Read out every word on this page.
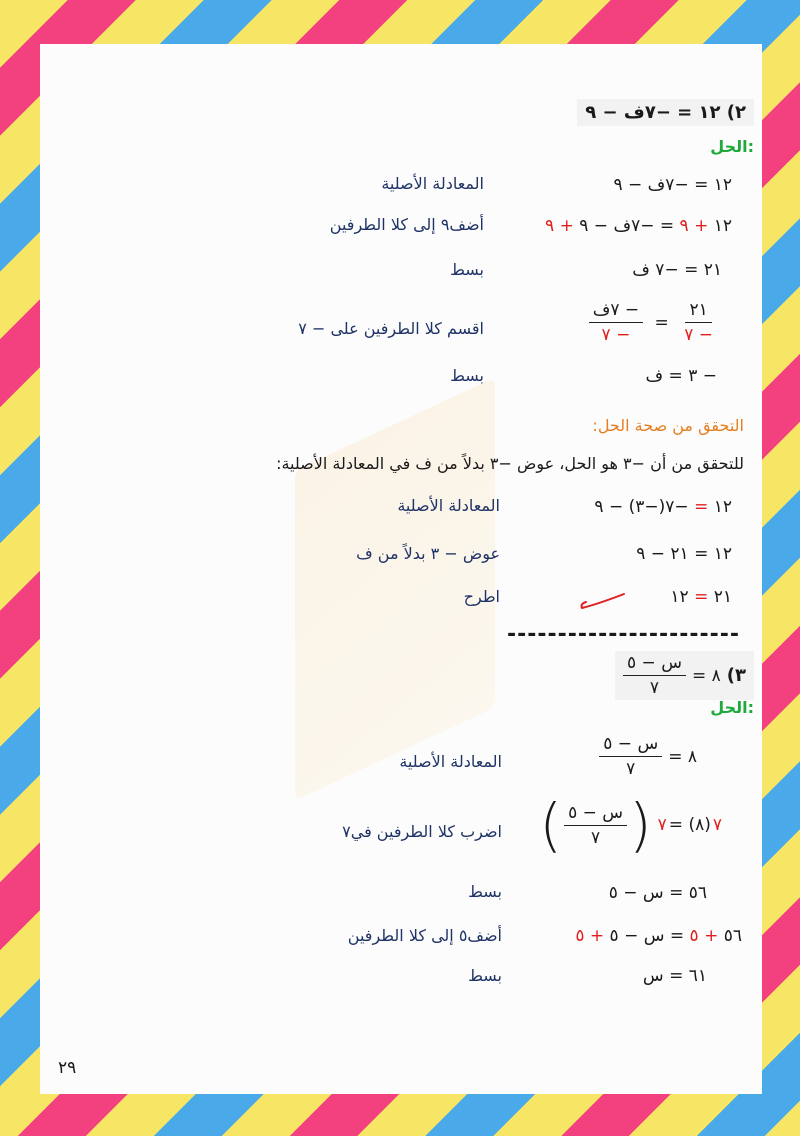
٢) ١٢ = −٧ف − ٩
الحل:
١٢ = −٧ف − ٩
المعادلة الأصلية
١٢ + ٩ = −٧ف − ٩ + ٩
أضف٩ إلى كلا الطرفين
٢١ = −٧ ف
بسط
$\frac{٢١}{- ٧}$
=
$\frac{\text{− ٧ف}}{- ٧}$
اقسم كلا الطرفين على − ٧
− ٣ = ف
بسط
التحقق من صحة الحل:
للتحقق من أن −٣ هو الحل، عوض −٣ بدلاً من ف في المعادلة الأصلية:
١٢ = −٧(−٣) − ٩
المعادلة الأصلية
١٢ = ٢١ − ٩
عوض − ٣ بدلاً من ف
٢١ = ١٢
اطرح
-----------------------
٣)
٨ =
$\frac{\text{س − ٥}}{٧}$
الحل:
٨ =
$\frac{\text{س − ٥}}{٧}$
المعادلة الأصلية
٧
(٨) =
٧
(
$\frac{\text{س − ٥}}{٧}$
)
اضرب كلا الطرفين في٧
٥٦ = س − ٥
بسط
٥٦ + ٥ = س − ٥ + ٥
أضف٥ إلى كلا الطرفين
٦١ = س
بسط
٢٩
